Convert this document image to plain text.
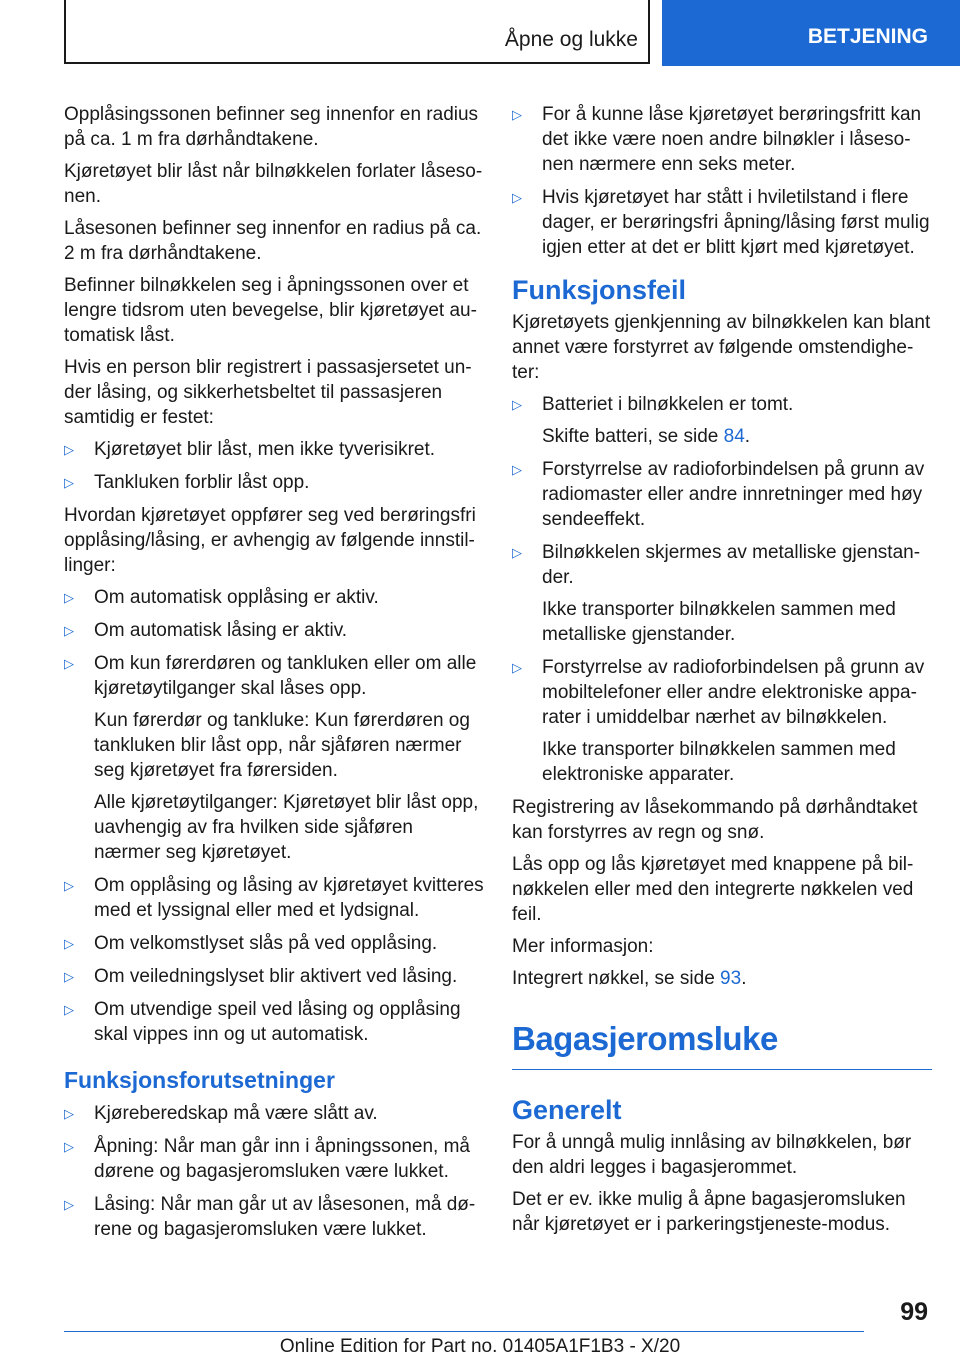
Åpne og lukke	BETJENING

Opplåsingssonen befinner seg innenfor en radius på ca. 1 m fra dørhåndtakene.

Kjøretøyet blir låst når bilnøkkelen forlater låsesonen.

Låsesonen befinner seg innenfor en radius på ca. 2 m fra dørhåndtakene.

Befinner bilnøkkelen seg i åpningssonen over et lengre tidsrom uten bevegelse, blir kjøretøyet automatisk låst.

Hvis en person blir registrert i passasjersetet under låsing, og sikkerhetsbeltet til passasjeren samtidig er festet:

▷ Kjøretøyet blir låst, men ikke tyverisikret.
▷ Tankluken forblir låst opp.

Hvordan kjøretøyet oppfører seg ved berøringsfri opplåsing/låsing, er avhengig av følgende innstillinger:

▷ Om automatisk opplåsing er aktiv.
▷ Om automatisk låsing er aktiv.
▷ Om kun førerdøren og tankluken eller om alle kjøretøytilganger skal låses opp.
Kun førerdør og tankluke: Kun førerdøren og tankluken blir låst opp, når sjåføren nærmer seg kjøretøyet fra førersiden.
Alle kjøretøytilganger: Kjøretøyet blir låst opp, uavhengig av fra hvilken side sjåføren nærmer seg kjøretøyet.
▷ Om opplåsing og låsing av kjøretøyet kvitteres med et lyssignal eller med et lydsignal.
▷ Om velkomstlyset slås på ved opplåsing.
▷ Om veiledningslyset blir aktivert ved låsing.
▷ Om utvendige speil ved låsing og opplåsing skal vippes inn og ut automatisk.
Funksjonsforutsetninger
▷ Kjøreberedskap må være slått av.
▷ Åpning: Når man går inn i åpningssonen, må dørene og bagasjeromsluken være lukket.
▷ Låsing: Når man går ut av låsesonen, må dørene og bagasjeromsluken være lukket.
▷ For å kunne låse kjøretøyet berøringsfritt kan det ikke være noen andre bilnøkler i låsesonen nærmere enn seks meter.
▷ Hvis kjøretøyet har stått i hviletilstand i flere dager, er berøringsfri åpning/låsing først mulig igjen etter at det er blitt kjørt med kjøretøyet.
Funksjonsfeil

Kjøretøyets gjenkjenning av bilnøkkelen kan blant annet være forstyrret av følgende omstendigheter:

▷ Batteriet i bilnøkkelen er tomt.
Skifte batteri, se side 84.
▷ Forstyrrelse av radioforbindelsen på grunn av radiomaster eller andre innretninger med høy sendeeffekt.
▷ Bilnøkkelen skjermes av metalliske gjenstander.
Ikke transporter bilnøkkelen sammen med metalliske gjenstander.
▷ Forstyrrelse av radioforbindelsen på grunn av mobiltelefoner eller andre elektroniske apparater i umiddelbar nærhet av bilnøkkelen.
Ikke transporter bilnøkkelen sammen med elektroniske apparater.

Registrering av låsekommando på dørhåndtaket kan forstyrres av regn og snø.

Lås opp og lås kjøretøyet med knappene på bilnøkkelen eller med den integrerte nøkkelen ved feil.

Mer informasjon:

Integrert nøkkel, se side 93.

Bagasjeromsluke
Generelt

For å unngå mulig innlåsing av bilnøkkelen, bør den aldri legges i bagasjerommet.

Det er ev. ikke mulig å åpne bagasjeromsluken når kjøretøyet er i parkeringstjeneste-modus.

99
Online Edition for Part no. 01405A1F1B3 - X/20
